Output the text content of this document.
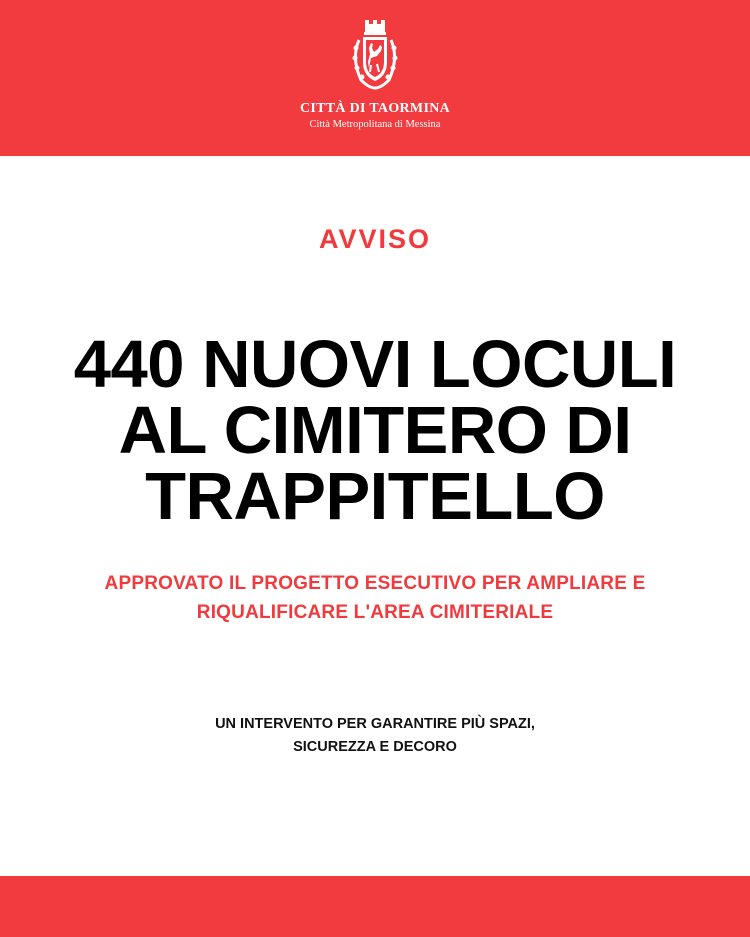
CITTÀ DI TAORMINA
Città Metropolitana di Messina
AVVISO
440 NUOVI LOCULI
AL CIMITERO DI
TRAPPITELLO
APPROVATO IL PROGETTO ESECUTIVO PER AMPLIARE E
RIQUALIFICARE L'AREA CIMITERIALE
UN INTERVENTO PER GARANTIRE PIÙ SPAZI,
SICUREZZA E DECORO
